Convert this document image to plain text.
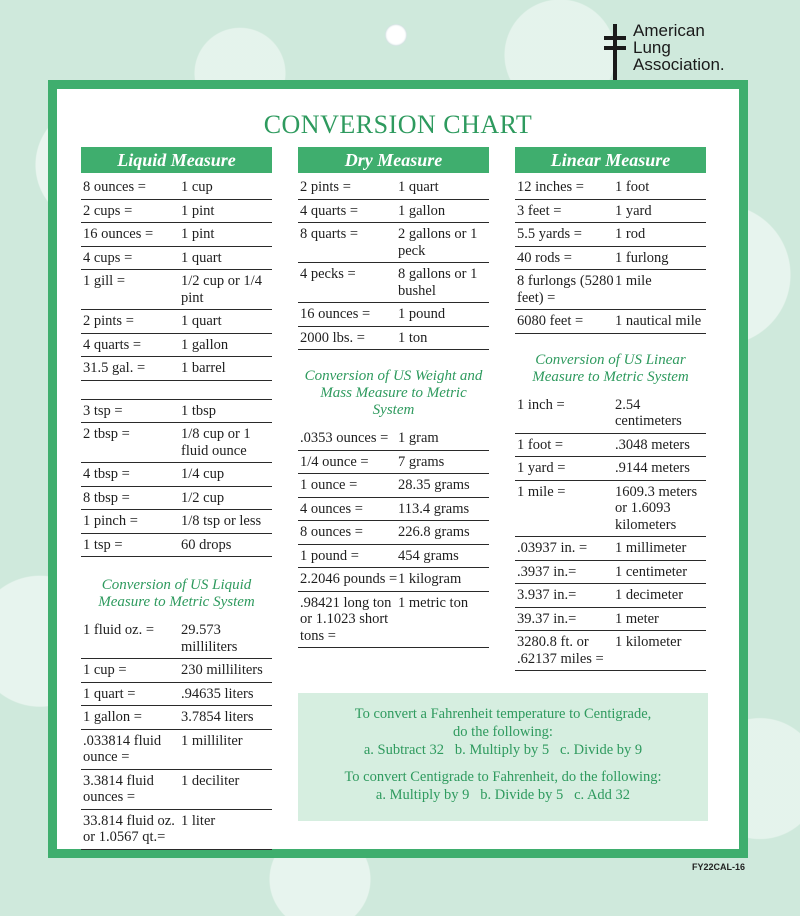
American
Lung
Association.
CONVERSION CHART
Liquid Measure
8 ounces =	1 cup
2 cups =	1 pint
16 ounces =	1 pint
4 cups =	1 quart
1 gill =	1/2 cup or 1/4 pint
2 pints =	1 quart
4 quarts =	1 gallon
31.5 gal. =	1 barrel
3 tsp =	1 tbsp
2 tbsp =	1/8 cup or 1 fluid ounce
4 tbsp =	1/4 cup
8 tbsp =	1/2 cup
1 pinch =	1/8 tsp or less
1 tsp =	60 drops
Conversion of US Liquid Measure to Metric System
1 fluid oz. =	29.573 milliliters
1 cup =	230 milliliters
1 quart =	.94635 liters
1 gallon =	3.7854 liters
.033814 fluid ounce =
1 milliliter
3.3814 fluid ounces =
1 deciliter
33.814 fluid oz. or 1.0567 qt.=
1 liter
Dry Measure
2 pints =	1 quart
4 quarts =	1 gallon
8 quarts =	2 gallons or 1 peck
4 pecks =	8 gallons or 1 bushel
16 ounces =	1 pound
2000 lbs. =	1 ton
Conversion of US Weight and Mass Measure to Metric System
.0353 ounces = 1 gram
1/4 ounce =	7 grams
1 ounce =	28.35 grams
4 ounces =	113.4 grams
8 ounces =	226.8 grams
1 pound =	454 grams
2.2046 pounds = 1 kilogram
.98421 long ton or 1.1023 short tons =
1 metric ton
Linear Measure
12 inches =	1 foot
3 feet =	1 yard
5.5 yards =	1 rod
40 rods =	1 furlong
8 furlongs (5280 feet) =
1 mile
6080 feet =	1 nautical mile
Conversion of US Linear Measure to Metric System
1 inch =	2.54 centimeters
1 foot =	.3048 meters
1 yard =	.9144 meters
1 mile =	1609.3 meters or 1.6093 kilometers
.03937 in. =	1 millimeter
.3937 in.=	1 centimeter
3.937 in.=	1 decimeter
39.37 in.=	1 meter
3280.8 ft. or .62137 miles =
1 kilometer

To convert a Fahrenheit temperature to Centigrade,

do the following:

a. Subtract 32   b. Multiply by 5   c. Divide by 9

To convert Centigrade to Fahrenheit, do the following:

a. Multiply by 9   b. Divide by 5   c. Add 32

FY22CAL-16
